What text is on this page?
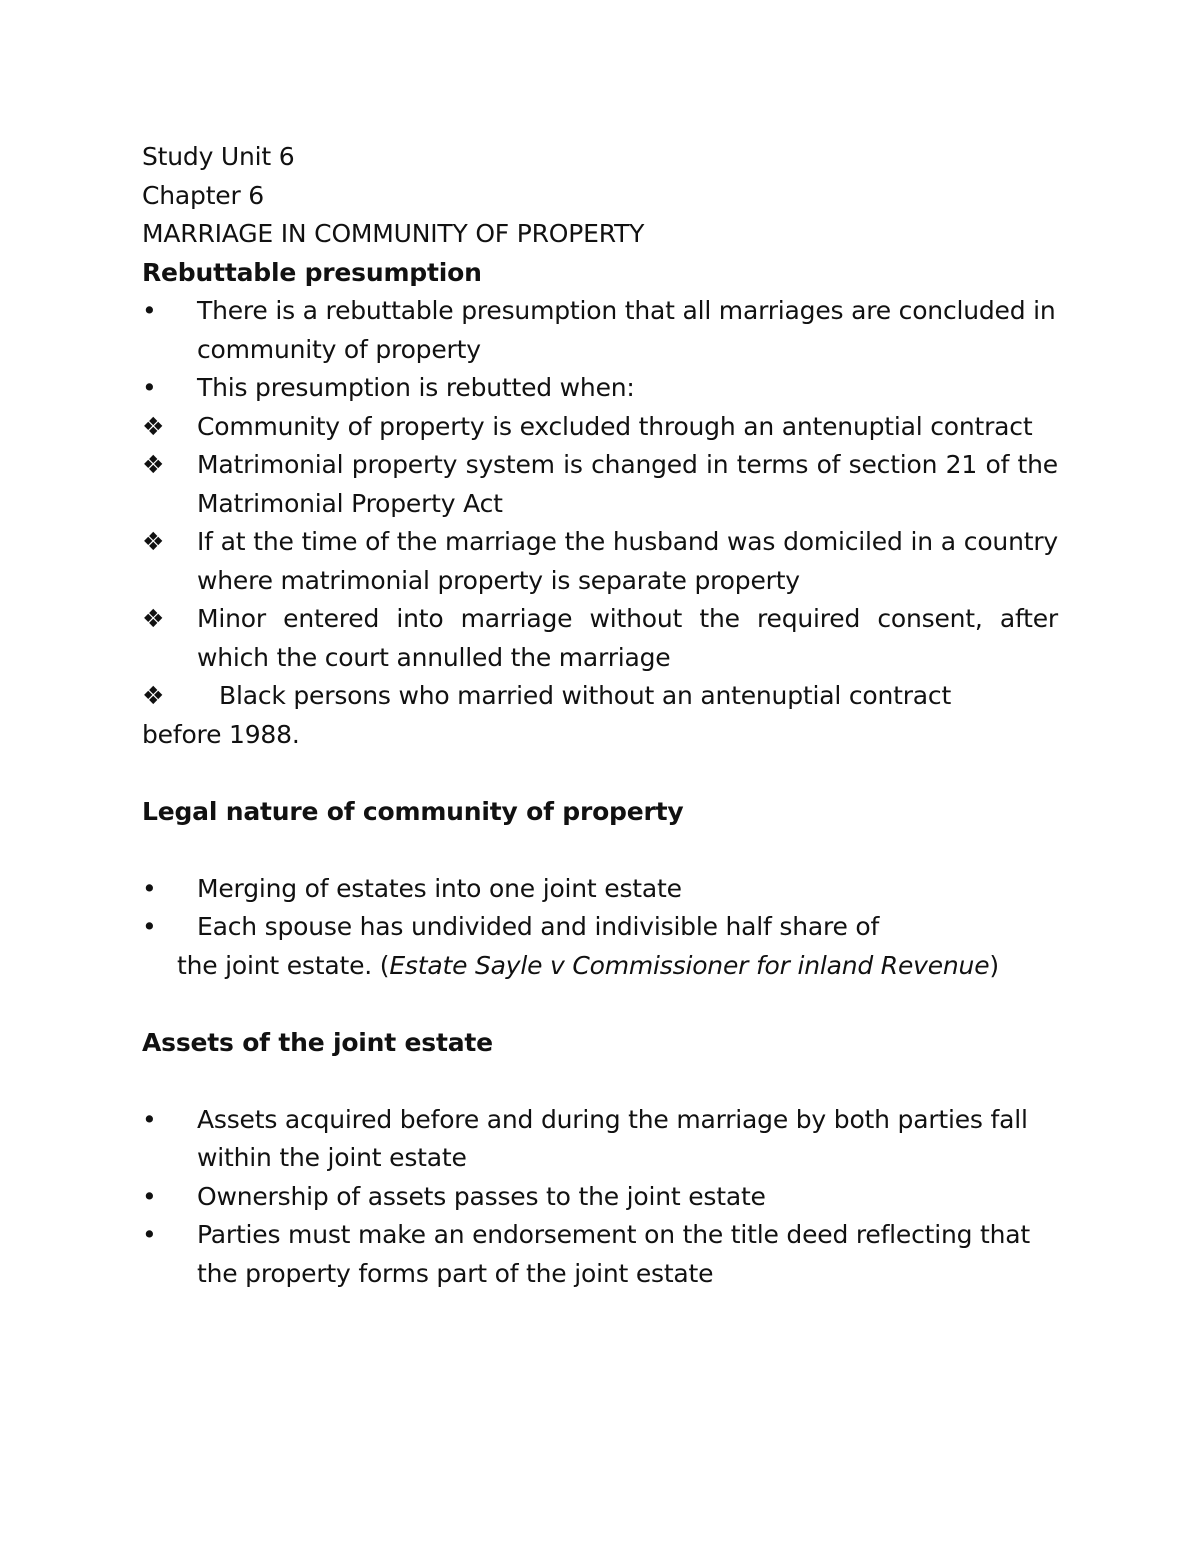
Study Unit 6
Chapter 6
MARRIAGE IN COMMUNITY OF PROPERTY
Rebuttable presumption
•	There is a rebuttable presumption that all marriages are concluded in community of property
•	This presumption is rebutted when:
❖	Community of property is excluded through an antenuptial contract
❖	Matrimonial property system is changed in terms of section 21 of the Matrimonial Property Act
❖	If at the time of the marriage the husband was domiciled in a country where matrimonial property is separate property
❖	Minor entered into marriage without the required consent, after which the court annulled the marriage
❖	Black persons who married without an antenuptial contract
before 1988.
Legal nature of community of property
•	Merging of estates into one joint estate
•	Each spouse has undivided and indivisible half share of
the joint estate. (Estate Sayle v Commissioner for inland Revenue)
Assets of the joint estate
•	Assets acquired before and during the marriage by both parties fall within the joint estate
•	Ownership of assets passes to the joint estate
•	Parties must make an endorsement on the title deed reflecting that the property forms part of the joint estate
